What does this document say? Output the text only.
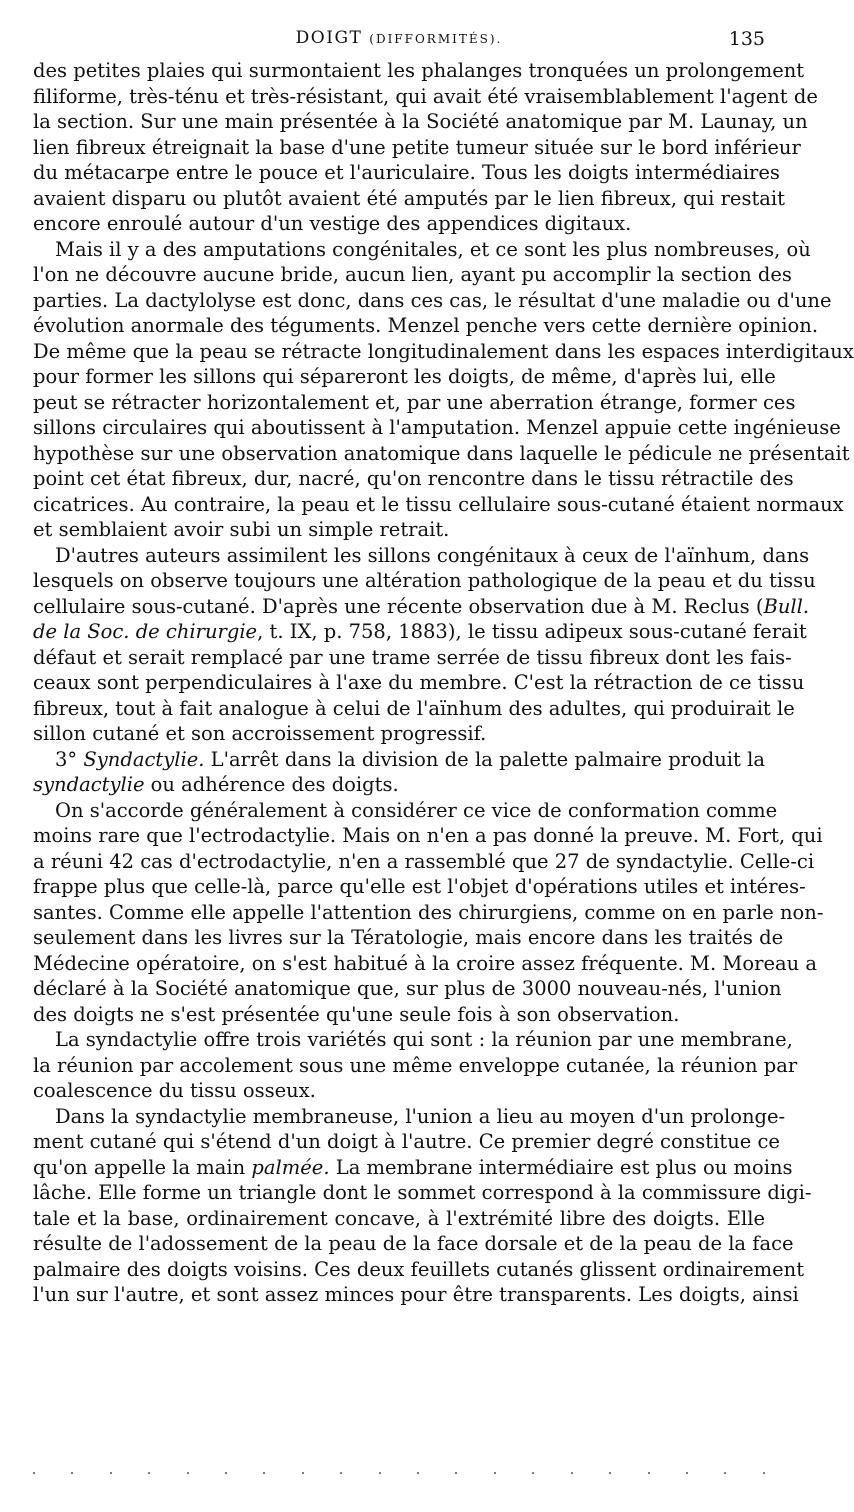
DOIGT (DIFFORMITÉS).	135
des petites plaies qui surmontaient les phalanges tronquées un prolongement
filiforme, très-ténu et très-résistant, qui avait été vraisemblablement l'agent de
la section. Sur une main présentée à la Société anatomique par M. Launay, un
lien fibreux étreignait la base d'une petite tumeur située sur le bord inférieur
du métacarpe entre le pouce et l'auriculaire. Tous les doigts intermédiaires
avaient disparu ou plutôt avaient été amputés par le lien fibreux, qui restait
encore enroulé autour d'un vestige des appendices digitaux.
Mais il y a des amputations congénitales, et ce sont les plus nombreuses, où
l'on ne découvre aucune bride, aucun lien, ayant pu accomplir la section des
parties. La dactylolyse est donc, dans ces cas, le résultat d'une maladie ou d'une
évolution anormale des téguments. Menzel penche vers cette dernière opinion.
De même que la peau se rétracte longitudinalement dans les espaces interdigitaux
pour former les sillons qui sépareront les doigts, de même, d'après lui, elle
peut se rétracter horizontalement et, par une aberration étrange, former ces
sillons circulaires qui aboutissent à l'amputation. Menzel appuie cette ingénieuse
hypothèse sur une observation anatomique dans laquelle le pédicule ne présentait
point cet état fibreux, dur, nacré, qu'on rencontre dans le tissu rétractile des
cicatrices. Au contraire, la peau et le tissu cellulaire sous-cutané étaient normaux
et semblaient avoir subi un simple retrait.
D'autres auteurs assimilent les sillons congénitaux à ceux de l'aïnhum, dans
lesquels on observe toujours une altération pathologique de la peau et du tissu
cellulaire sous-cutané. D'après une récente observation due à M. Reclus (Bull.
de la Soc. de chirurgie, t. IX, p. 758, 1883), le tissu adipeux sous-cutané ferait
défaut et serait remplacé par une trame serrée de tissu fibreux dont les fais-
ceaux sont perpendiculaires à l'axe du membre. C'est la rétraction de ce tissu
fibreux, tout à fait analogue à celui de l'aïnhum des adultes, qui produirait le
sillon cutané et son accroissement progressif.
3° Syndactylie. L'arrêt dans la division de la palette palmaire produit la
syndactylie ou adhérence des doigts.
On s'accorde généralement à considérer ce vice de conformation comme
moins rare que l'ectrodactylie. Mais on n'en a pas donné la preuve. M. Fort, qui
a réuni 42 cas d'ectrodactylie, n'en a rassemblé que 27 de syndactylie. Celle-ci
frappe plus que celle-là, parce qu'elle est l'objet d'opérations utiles et intéres-
santes. Comme elle appelle l'attention des chirurgiens, comme on en parle non-
seulement dans les livres sur la Tératologie, mais encore dans les traités de
Médecine opératoire, on s'est habitué à la croire assez fréquente. M. Moreau a
déclaré à la Société anatomique que, sur plus de 3000 nouveau-nés, l'union
des doigts ne s'est présentée qu'une seule fois à son observation.
La syndactylie offre trois variétés qui sont : la réunion par une membrane,
la réunion par accolement sous une même enveloppe cutanée, la réunion par
coalescence du tissu osseux.
Dans la syndactylie membraneuse, l'union a lieu au moyen d'un prolonge-
ment cutané qui s'étend d'un doigt à l'autre. Ce premier degré constitue ce
qu'on appelle la main palmée. La membrane intermédiaire est plus ou moins
lâche. Elle forme un triangle dont le sommet correspond à la commissure digi-
tale et la base, ordinairement concave, à l'extrémité libre des doigts. Elle
résulte de l'adossement de la peau de la face dorsale et de la peau de la face
palmaire des doigts voisins. Ces deux feuillets cutanés glissent ordinairement
l'un sur l'autre, et sont assez minces pour être transparents. Les doigts, ainsi
